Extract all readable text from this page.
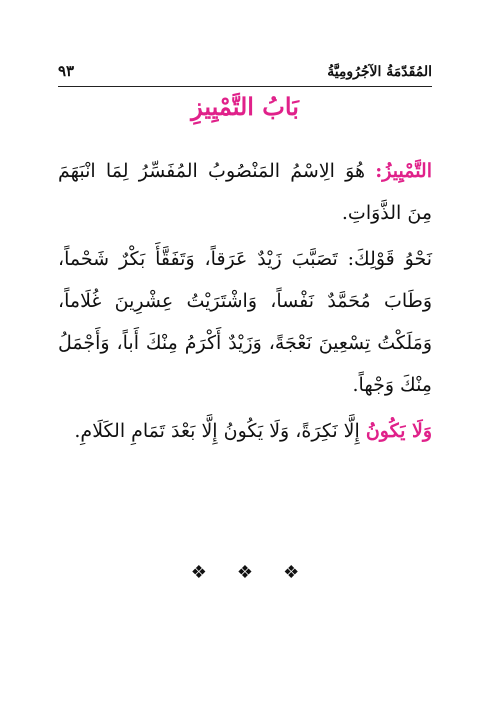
٩٣	المُقَدّمَةُ الآجُرُومِيَّةُ
بَابُ التَّمْيِيزِ

التَّمْيِيزُ: هُوَ الِاسْمُ المَنْصُوبُ المُفَسِّرُ لِمَا انْبَهَمَ مِنَ الذَّوَاتِ.

نَحْوُ قَوْلِكَ: تَصَبَّبَ زَيْدٌ عَرَقاً، وَتَفَقَّأَ بَكْرٌ شَحْماً، وَطَابَ مُحَمَّدٌ نَفْساً، وَاشْتَرَيْتُ عِشْرِينَ غُلَاماً، وَمَلَكْتُ تِسْعِينَ نَعْجَةً، وَزَيْدٌ أَكْرَمُ مِنْكَ أَباً، وَأَجْمَلُ مِنْكَ وَجْهاً.

وَلَا يَكُونُ إِلَّا نَكِرَةً، وَلَا يَكُونُ إِلَّا بَعْدَ تَمَامِ الكَلَامِ.

❖ ❖ ❖
